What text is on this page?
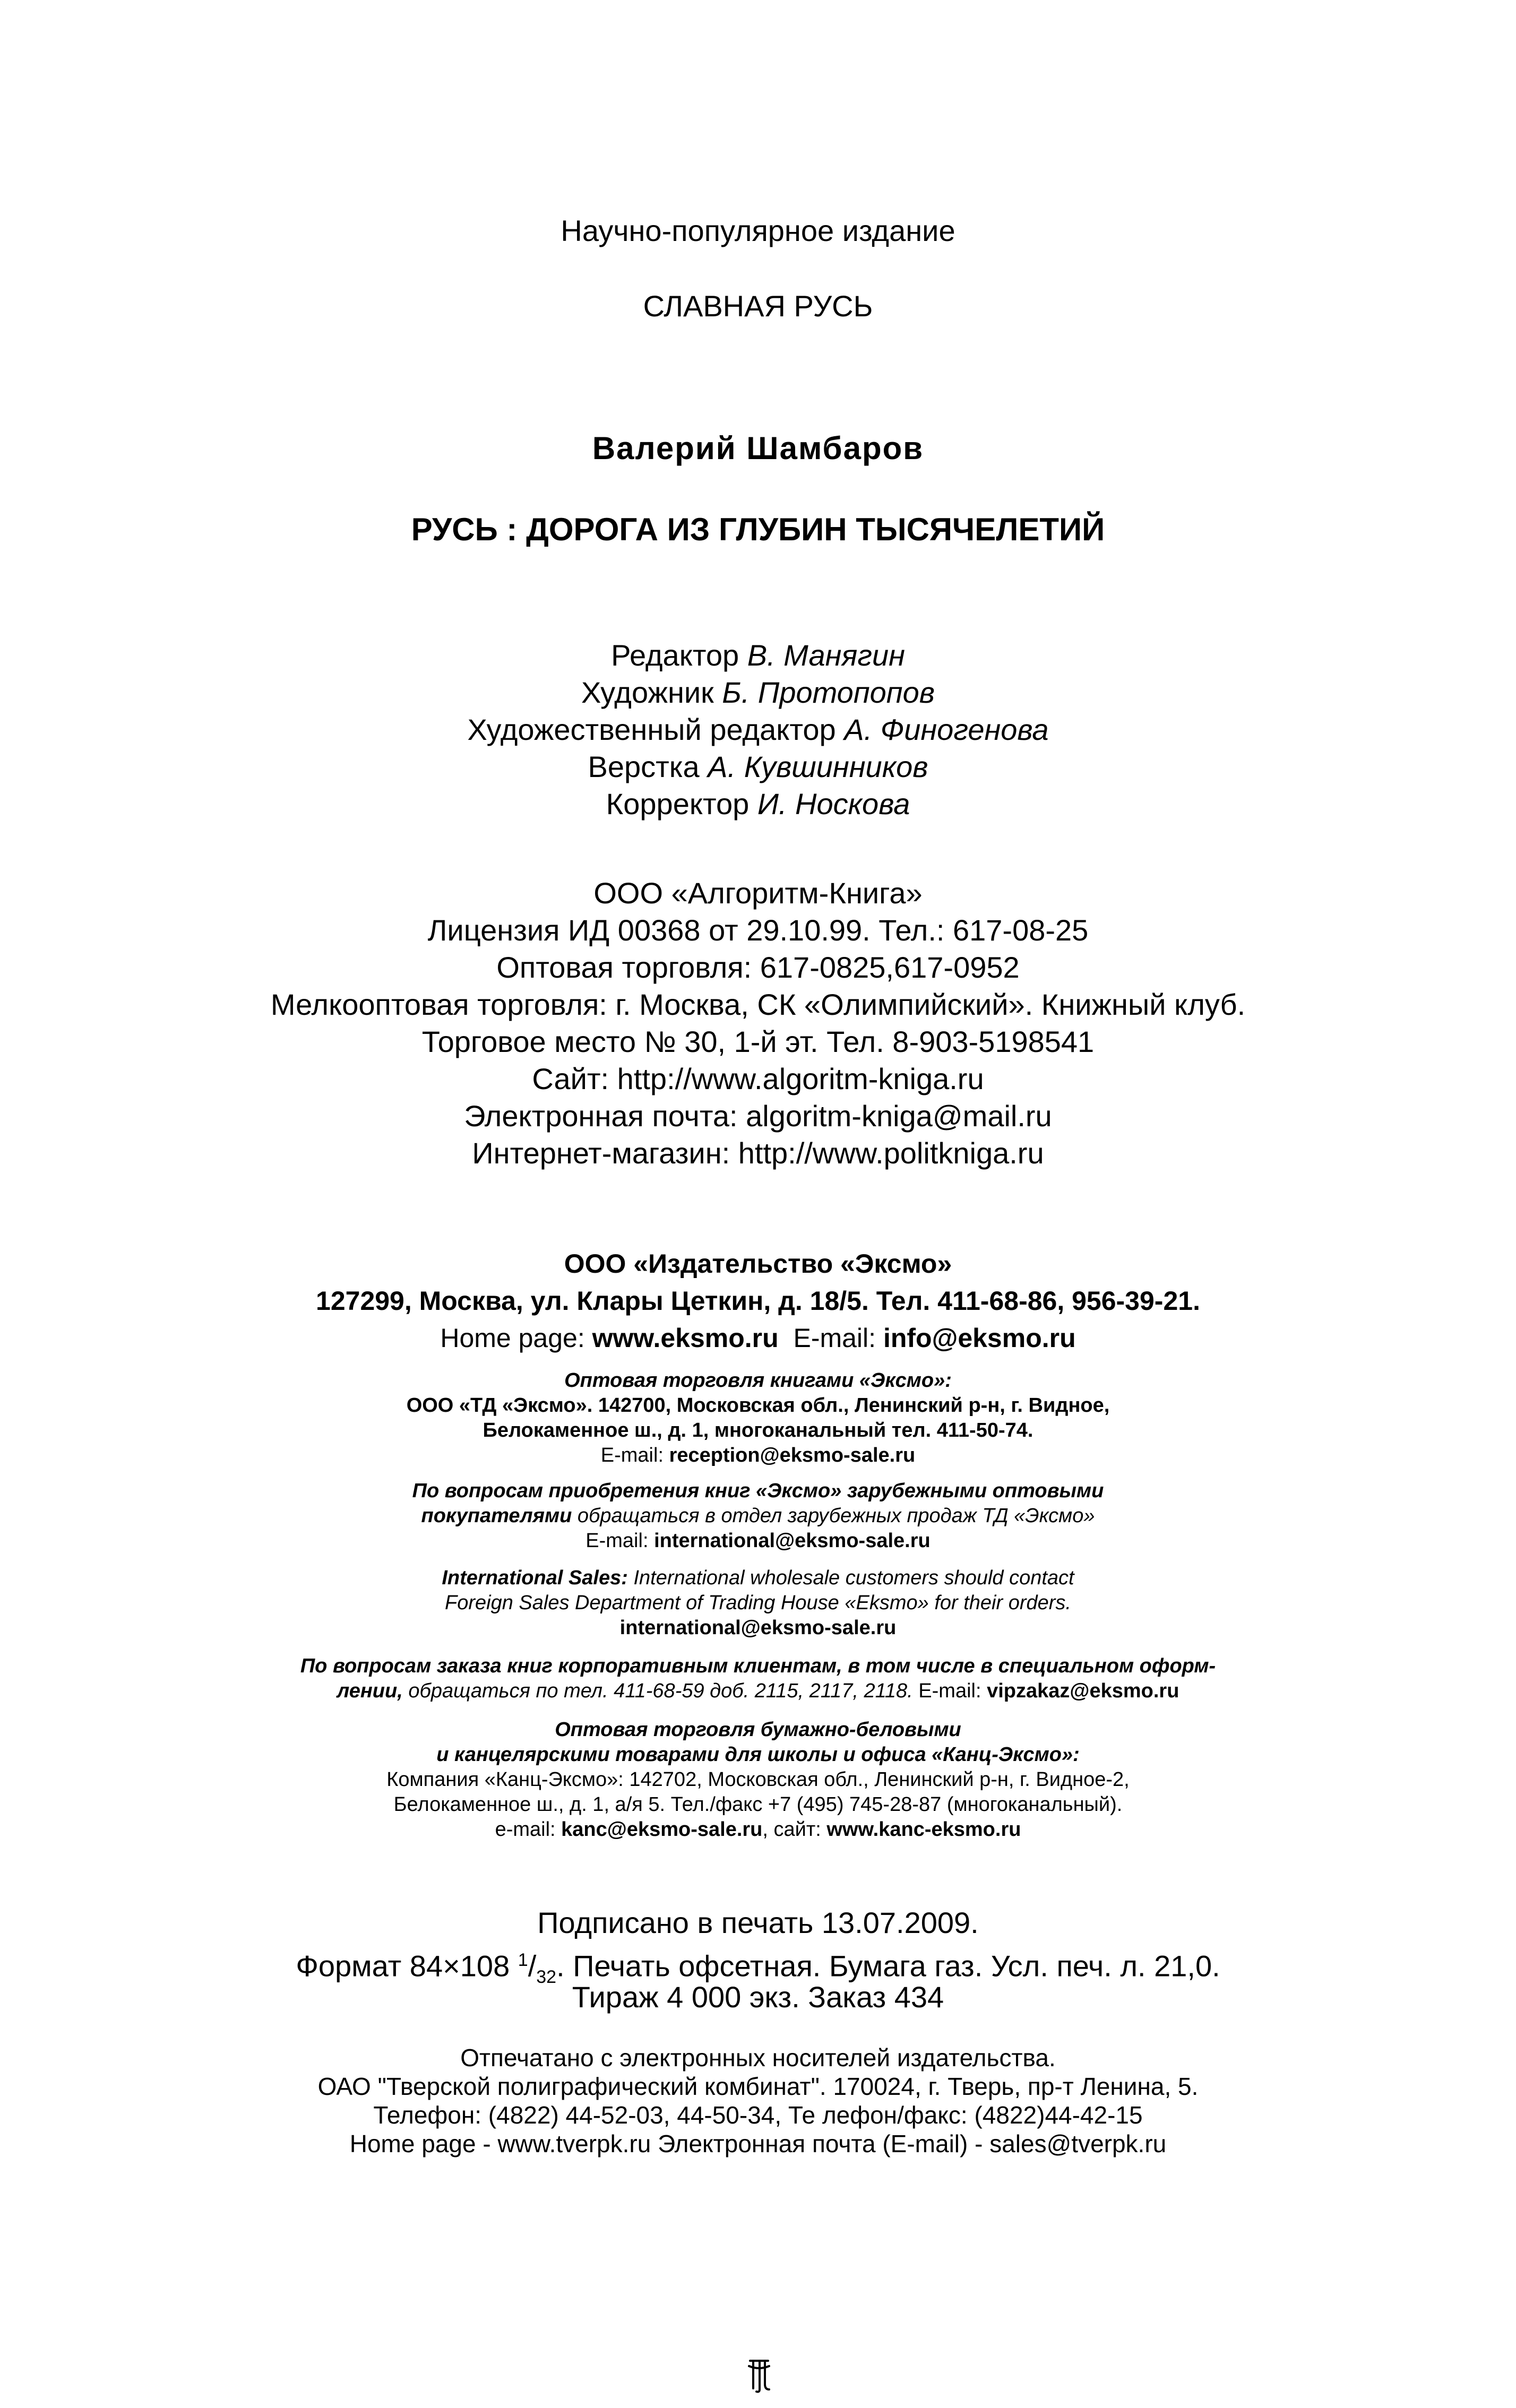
Научно-популярное издание

СЛАВНАЯ РУСЬ

Валерий Шамбаров

РУСЬ : ДОРОГА ИЗ ГЛУБИН ТЫСЯЧЕЛЕТИЙ

Редактор В. Манягин
Художник Б. Протопопов
Художественный редактор А. Финогенова
Верстка А. Кувшинников
Корректор И. Носкова
ООО «Алгоритм-Книга»
Лицензия ИД 00368 от 29.10.99. Тел.: 617-08-25
Оптовая торговля: 617-0825,617-0952
Мелкооптовая торговля: г. Москва, СК «Олимпийский». Книжный клуб.
Торговое место № 30, 1-й эт. Тел. 8-903-5198541
Сайт: http://www.algoritm-kniga.ru
Электронная почта: algoritm-kniga@mail.ru
Интернет-магазин: http://www.politkniga.ru
ООО «Издательство «Эксмо»
127299, Москва, ул. Клары Цеткин, д. 18/5. Тел. 411-68-86, 956-39-21.
Home page: www.eksmo.ru E-mail: info@eksmo.ru
Оптовая торговля книгами «Эксмо»:
ООО «ТД «Эксмо». 142700, Московская обл., Ленинский р-н, г. Видное,
Белокаменное ш., д. 1, многоканальный тел. 411-50-74.
E-mail: reception@eksmo-sale.ru
По вопросам приобретения книг «Эксмо» зарубежными оптовыми
покупателями обращаться в отдел зарубежных продаж ТД «Эксмо»
E-mail: international@eksmo-sale.ru
International Sales: International wholesale customers should contact
Foreign Sales Department of Trading House «Eksmo» for their orders.
international@eksmo-sale.ru
По вопросам заказа книг корпоративным клиентам, в том числе в специальном оформ-
лении, обращаться по тел. 411-68-59 доб. 2115, 2117, 2118. E-mail: vipzakaz@eksmo.ru
Оптовая торговля бумажно-беловыми
и канцелярскими товарами для школы и офиса «Канц-Эксмо»:
Компания «Канц-Эксмо»: 142702, Московская обл., Ленинский р-н, г. Видное-2,
Белокаменное ш., д. 1, а/я 5. Тел./факс +7 (495) 745-28-87 (многоканальный).
e-mail: kanc@eksmo-sale.ru, сайт: www.kanc-eksmo.ru
Подписано в печать 13.07.2009.
Формат 84×108 $^1/_{32}$. Печать офсетная. Бумага газ. Усл. печ. л. 21,0.
Тираж 4 000 экз. Заказ 434
Отпечатано с электронных носителей издательства.
ОАО "Тверской полиграфический комбинат". 170024, г. Тверь, пр-т Ленина, 5.
Телефон: (4822) 44-52-03, 44-50-34, Те лефон/факс: (4822)44-42-15
Home page - www.tverpk.ru Электронная почта (E-mail) - sales@tverpk.ru
